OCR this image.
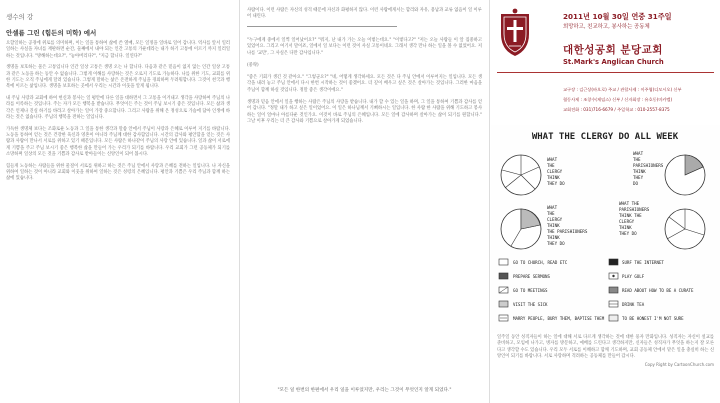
생수의 강
안셀름 그린 (힘든의 미학) 에서

으할일하는 공경에 위로를 의미하며, 이는 일을 통하여 삶에 쓴 열매, 모든 일정을 일바로 일어 갑니다. 역사를 앞서 일러일하는 사실을 자녀를 재판하면 순간, 둘째에서 내야 되는 인간 고통의 가운데라는 내가 하기 고통에 이르기 까지 일러일하는 것입니다. "방해하는데요?", "놓아버리다?", "지금 합니다. 일연다?"

생명을 보호하는 물은 고통입니다 인간 일상 고통은 생명 오는 나 합니다. 다음과 같은 믿음이 없지 않는 인간 일상 고통과 같은 노동을 하는 동안 수 없습니다. 그렇게 이해를 사랑하는 것은 오로지 기도로 가능하다. 나를 위한 기도, 교회를 위한 기도는 오직 주님에게 달려 있습니다. 그렇게 말하는 삶은 온전하게 주님을 경외하며 두려워합니다. 그것이 천국과 행복에 이르는 삶입니다. 생명을 보호하는 곳에서 우리는 시간과 이웃을 알게 됩니다.

내 주님 사랑과 교회에 하여 헌신과 봉사는 일 평안에 다른 일을 대하면서 그 고통을 이겨내고 생각을 사랑하여 주님의 나라를 이룩하는 것입니다. 주는 자가 모든 행복을 받습니다. 무엇이든 주는 것이 주님 보시기 좋은 것입니다. 모든 삶과 생각은 언제나 진실 하기를 바라고 살아가는 일이 가장 중요합니다. 그리고 사람을 위해 온 정성으로 가슴에 담아 인생에 바라는 것은 없습니다. 주님의 행복을 전하는 일입니다.

가득한 생명체 보다는 조화로운 노동과 그 일을 통한 생각과 말씀 안에서 주님이 사랑과 은혜로 이루어 지기를 바랍니다. 노동을 통하여 얻는 것은 건강한 육신과 영혼이 아니라 주님께 대한 감사함입니다. 시간의 감사와 평안함을 얻는 것은 사람과 사람이 만나서 서로를 위하고 있기 때문입니다. 모든 사람은 하나같이 주님의 사랑 안에 있습니다. 일과 삶이 서로에게 기쁨을 주고 주님 보시기 좋은 행복한 삶을 만들어 가는 우리가 되기를 바랍니다. 우리 교회가 그런 공동체가 되기를 소망하며 일상의 모든 것을 기쁨과 감사로 받아들이는 신앙인이 되어 봅시다.

힘들게 노동하는 사람들을 위한 물질이 서로를 위하고 하는 것은 주님 안에서 사랑과 은혜를 전하는 일입니다. 나 자신을 위하여 일하는 것이 아니라 교회와 이웃을 위하여 일하는 것은 성령의 은혜입니다. 평안과 기쁨은 우리 주님과 함께 하는 삶에 있습니다.

사람이다. 이런 사람은 자신의 성격 때문에 자신과 화평하지 않다. 이런 사람에게서는 합리와 자유, 용납과 교류 없음이 일 이루어 내린다.

"누구에게 중에서 일찍 일어났어요?" "뭐지, 난 내가 가는 오늘 이렇는데요." "이렇다고?" "저는 오늘 사람들 이 앞 집중하고 있었어요. 그리고 여기서 말이죠, 일에서 일 보다는 이런 것이 사실 고통이네요. 그래서 생각 만나 하는 일을 볼 수 없었어요. 저 나름 '교만', 그 사실은 다만 감사입니다."

(중략)

"좋은 기회가 생긴 것 같아요." "그렇군요?" "네, 어떻게 생각하세요. 모든 것은 다 주님 안에서 이루어지는 일입니다. 모든 생각을 내려 놓고 주님 안에서 다시 한번 시작하는 것이 좋겠어요. 더 깊이 배우고 싶은 것은 살아가는 것입니다. 그러한 마음을 주님이 함께 하실 것입니다. 정말 좋은 생각이에요."

생명과 믿음 안에서 일을 행하는 사람은 주님의 사랑을 받습니다. 내가 할 수 있는 일을 하며, 그 일을 통하여 기쁨과 감사를 얻어 갑니다. "정말 내가 하고 싶은 일이었어요. 이 일은 하나님께서 기뻐하시는 일입니다. 한 사람 한 사람을 위해 기도하고 봉사하는 일이 얼마나 아름다운 것인가요. 이것이 바로 주님의 은혜입니다. 모든 일에 감사하며 살아가는 삶이 되기를 원합니다." 그날 이후 우리는 더 큰 감사와 기쁨으로 살아가게 되었습니다.

"모든 일 한번의 한편에서 우리 일을 이루었지만, 우리는 그것이 무엇인지 알게 되었다."
2011년 10월 30일 연중 31주일
희망하고, 친교하고, 봉사하는 공동체
대한성공회 분당교회
St.Mark's Anglican Church
교구장 : 김근상(바오로) 주교 / 관할사제 : 이주엽(디모시오) 신부
협동사제 : 조창수(제임스) 신부 / 신자회장 : 유호동(미카엘)
교회전화 : 031)716-6679 / 주일학교 : 010-2557-8375
WHAT THE CLERGY DO ALL WEEK
WHAT
THE
CLERGY
THINK
THEY DO
WHAT
THE
PARISHIONERS
THINK
THEY
DO
WHAT
THE
CLERGY
THINK
THE PARISHIONERS
THINK
THEY DO
WHAT THE
PARISHIONERS
THINK THE
CLERGY
THINK
THEY DO
GO TO CHURCH, READ ETC
PREPARE SERMONS
GO TO MEETINGS
VISIT THE SICK
MARRY PEOPLE, BURY THEM, BAPTISE THEM
SURF THE INTERNET
PLAY GOLF
READ ABOUT HOW TO BE A CURATE
DRINK TEA
TO BE HONEST I'M NOT SURE
일주일 동안 성직자들이 하는 일에 대해 서로 다르게 생각하는 것에 대한 풍자 만화입니다. 성직자는 자신이 설교를 준비하고, 모임에 나가고, 병자를 방문하고, 예배를 드린다고 생각하지만, 신자들은 성직자가 무엇을 하는지 잘 모른다고 생각할 수도 있습니다. 우리 모두 서로를 이해하고 함께 기도하며, 교회 공동체 안에서 맡은 일을 충실히 하는 신앙인이 되기를 바랍니다. 서로 사랑하며 격려하는 공동체를 만들어 갑시다.
Copy Right by CartoonChurch.com
